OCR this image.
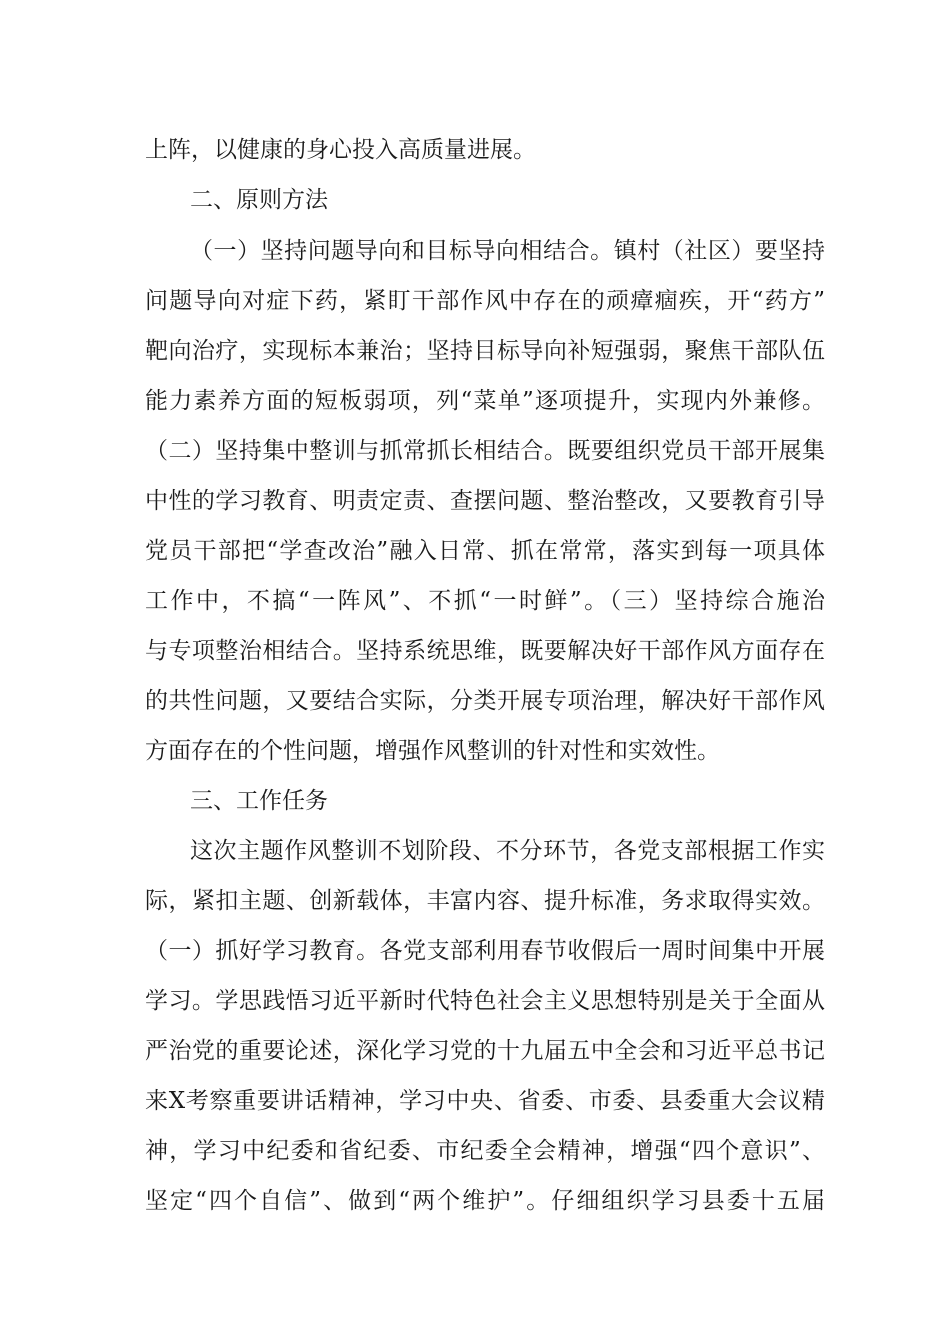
上阵，以健康的身心投入高质量进展。
二、原则方法
（一）坚持问题导向和目标导向相结合。镇村（社区）要坚持
问题导向对症下药，紧盯干部作风中存在的顽瘴痼疾，开“药方”
靶向治疗，实现标本兼治；坚持目标导向补短强弱，聚焦干部队伍
能力素养方面的短板弱项，列“菜单”逐项提升，实现内外兼修。
（二）坚持集中整训与抓常抓长相结合。既要组织党员干部开展集
中性的学习教育、明责定责、查摆问题、整治整改，又要教育引导
党员干部把“学查改治”融入日常、抓在常常，落实到每一项具体
工作中，不搞“一阵风”、不抓“一时鲜”。（三）坚持综合施治
与专项整治相结合。坚持系统思维，既要解决好干部作风方面存在
的共性问题，又要结合实际，分类开展专项治理，解决好干部作风
方面存在的个性问题，增强作风整训的针对性和实效性。
三、工作任务
这次主题作风整训不划阶段、不分环节，各党支部根据工作实
际，紧扣主题、创新载体，丰富内容、提升标准，务求取得实效。
（一）抓好学习教育。各党支部利用春节收假后一周时间集中开展
学习。学思践悟习近平新时代特色社会主义思想特别是关于全面从
严治党的重要论述，深化学习党的十九届五中全会和习近平总书记
来X考察重要讲话精神，学习中央、省委、市委、县委重大会议精
神，学习中纪委和省纪委、市纪委全会精神，增强“四个意识”、
坚定“四个自信”、做到“两个维护”。仔细组织学习县委十五届
